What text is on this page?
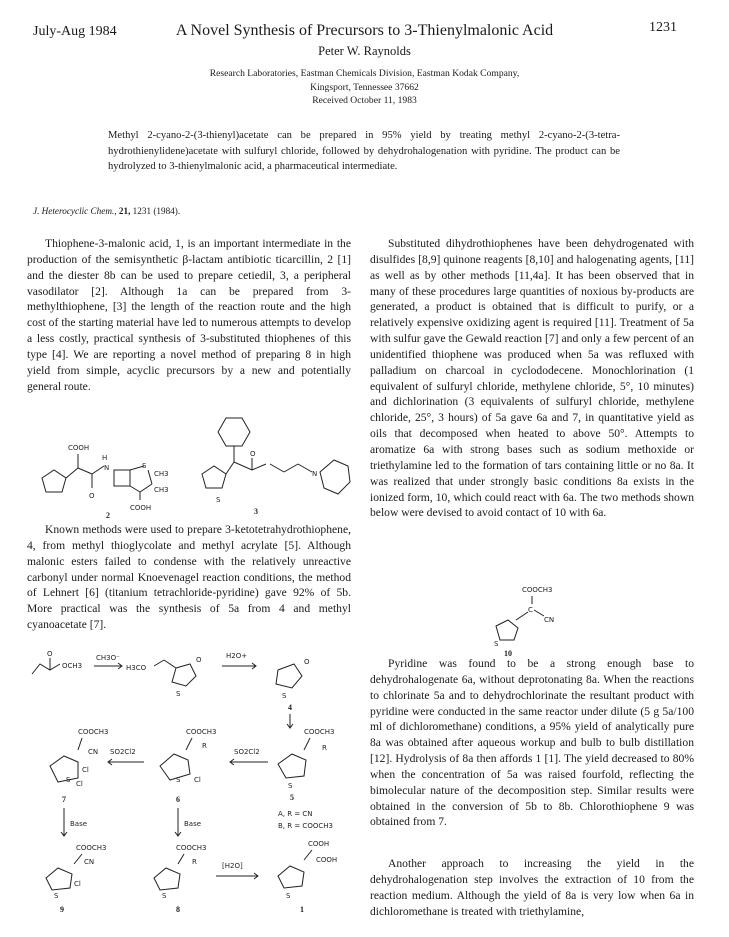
July-Aug 1984	A Novel Synthesis of Precursors to 3-Thienylmalonic Acid	1231
Peter W. Raynolds
Research Laboratories, Eastman Chemicals Division, Eastman Kodak Company,
Kingsport, Tennessee 37662
Received October 11, 1983
Methyl 2-cyano-2-(3-thienyl)acetate can be prepared in 95% yield by treating methyl 2-cyano-2-(3-tetra-hydrothienylidene)acetate with sulfuryl chloride, followed by dehydrohalogenation with pyridine. The product can be hydrolyzed to 3-thienylmalonic acid, a pharmaceutical intermediate.
J. Heterocyclic Chem., 21, 1231 (1984).

Thiophene-3-malonic acid, 1, is an important intermediate in the production of the semisynthetic β-lactam antibiotic ticarcillin, 2 [1] and the diester 8b can be used to prepare cetiedil, 3, a peripheral vasodilator [2]. Although 1a can be prepared from 3-methylthiophene, [3] the length of the reaction route and the high cost of the starting material have led to numerous attempts to develop a less costly, practical synthesis of 3-substituted thiophenes of this type [4]. We are reporting a novel method of preparing 8 in high yield from simple, acyclic precursors by a new and potentially general route.

Known methods were used to prepare 3-ketotetrahydrothiophene, 4, from methyl thioglycolate and methyl acrylate [5]. Although malonic esters failed to condense with the relatively unreactive carbonyl under normal Knoevenagel reaction conditions, the method of Lehnert [6] (titanium tetrachloride-pyridine) gave 92% of 5b. More practical was the synthesis of 5a from 4 and methyl cyanoacetate [7].

Substituted dihydrothiophenes have been dehydrogenated with disulfides [8,9] quinone reagents [8,10] and halogenating agents, [11] as well as by other methods [11,4a]. It has been observed that in many of these procedures large quantities of noxious by-products are generated, a product is obtained that is difficult to purify, or a relatively expensive oxidizing agent is required [11]. Treatment of 5a with sulfur gave the Gewald reaction [7] and only a few percent of an unidentified thiophene was produced when 5a was refluxed with palladium on charcoal in cyclododecene. Monochlorination (1 equivalent of sulfuryl chloride, methylene chloride, 5°, 10 minutes) and dichlorination (3 equivalents of sulfuryl chloride, methylene chloride, 25°, 3 hours) of 5a gave 6a and 7, in quantitative yield as oils that decomposed when heated to above 50°. Attempts to aromatize 6a with strong bases such as sodium methoxide or triethylamine led to the formation of tars containing little or no 8a. It was realized that under strongly basic conditions 8a exists in the ionized form, 10, which could react with 6a. The two methods shown below were devised to avoid contact of 10 with 6a.

Pyridine was found to be a strong enough base to dehydrohalogenate 6a, without deprotonating 8a. When the reactions to chlorinate 5a and to dehydrochlorinate the resultant product with pyridine were conducted in the same reactor under dilute (5 g 5a/100 ml of dichloromethane) conditions, a 95% yield of analytically pure 8a was obtained after aqueous workup and bulb to bulb distillation [12]. Hydrolysis of 8a then affords 1 [1]. The yield decreased to 80% when the concentration of 5a was raised fourfold, reflecting the bimolecular nature of the decomposition step. Similar results were obtained in the conversion of 5b to 8b. Chlorothiophene 9 was obtained from 7.

Another approach to increasing the yield in the dehydrohalogenation step involves the extraction of 10 from the reaction medium. Although the yield of 8a is very low when 6a in dichloromethane is treated with triethylamine,

COOH
O
H
N	S
CH3
CH3
COOH
2
O
N
S
3
COOCH3
C
CN
S
10
O
OCH3
CH3O⁻
H3CO
S
O	H2O+
O
S
4
COOCH3
CN
Cl
Cl
S
7
SO2Cl2
COOCH3
R
S Cl
6
SO2Cl2
COOCH3
R
S
5
A, R = CN
B, R = COOCH3
Base	Base
COOCH3
CN
Cl
S
9
COOCH3
R
S
8
[H2O]
COOH
COOH
S
1
